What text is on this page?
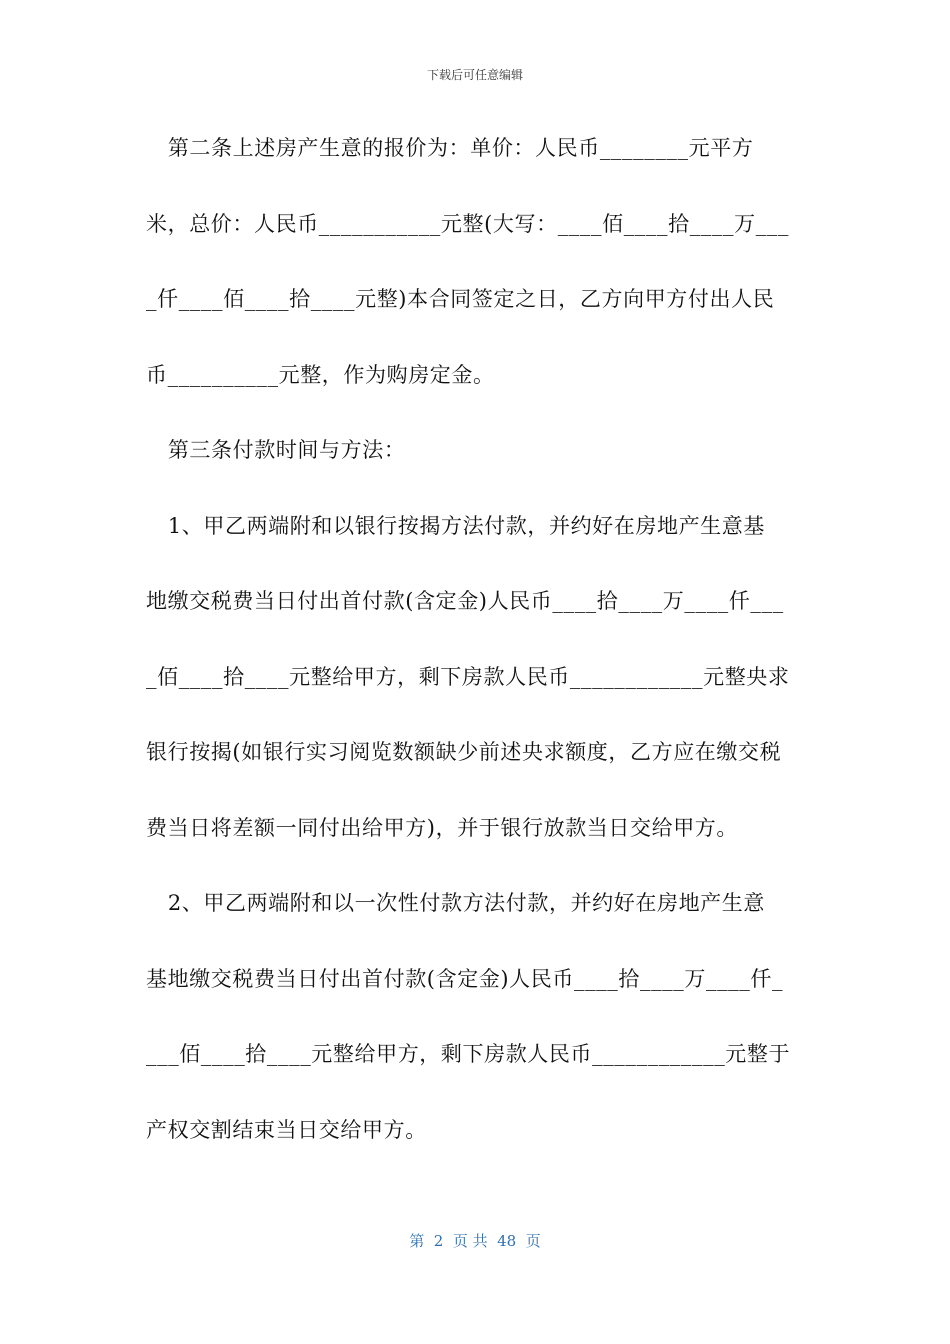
下载后可任意编辑
第二条上述房产生意的报价为：单价：人民币________元平方
米，总价：人民币___________元整(大写：____佰____拾____万___
_仟____佰____拾____元整)本合同签定之日，乙方向甲方付出人民
币__________元整，作为购房定金。
第三条付款时间与方法：
1、甲乙两端附和以银行按揭方法付款，并约好在房地产生意基
地缴交税费当日付出首付款(含定金)人民币____拾____万____仟___
_佰____拾____元整给甲方，剩下房款人民币____________元整央求
银行按揭(如银行实习阅览数额缺少前述央求额度，乙方应在缴交税
费当日将差额一同付出给甲方)，并于银行放款当日交给甲方。
2、甲乙两端附和以一次性付款方法付款，并约好在房地产生意
基地缴交税费当日付出首付款(含定金)人民币____拾____万____仟_
___佰____拾____元整给甲方，剩下房款人民币____________元整于
产权交割结束当日交给甲方。
第  2  页 共  48  页
